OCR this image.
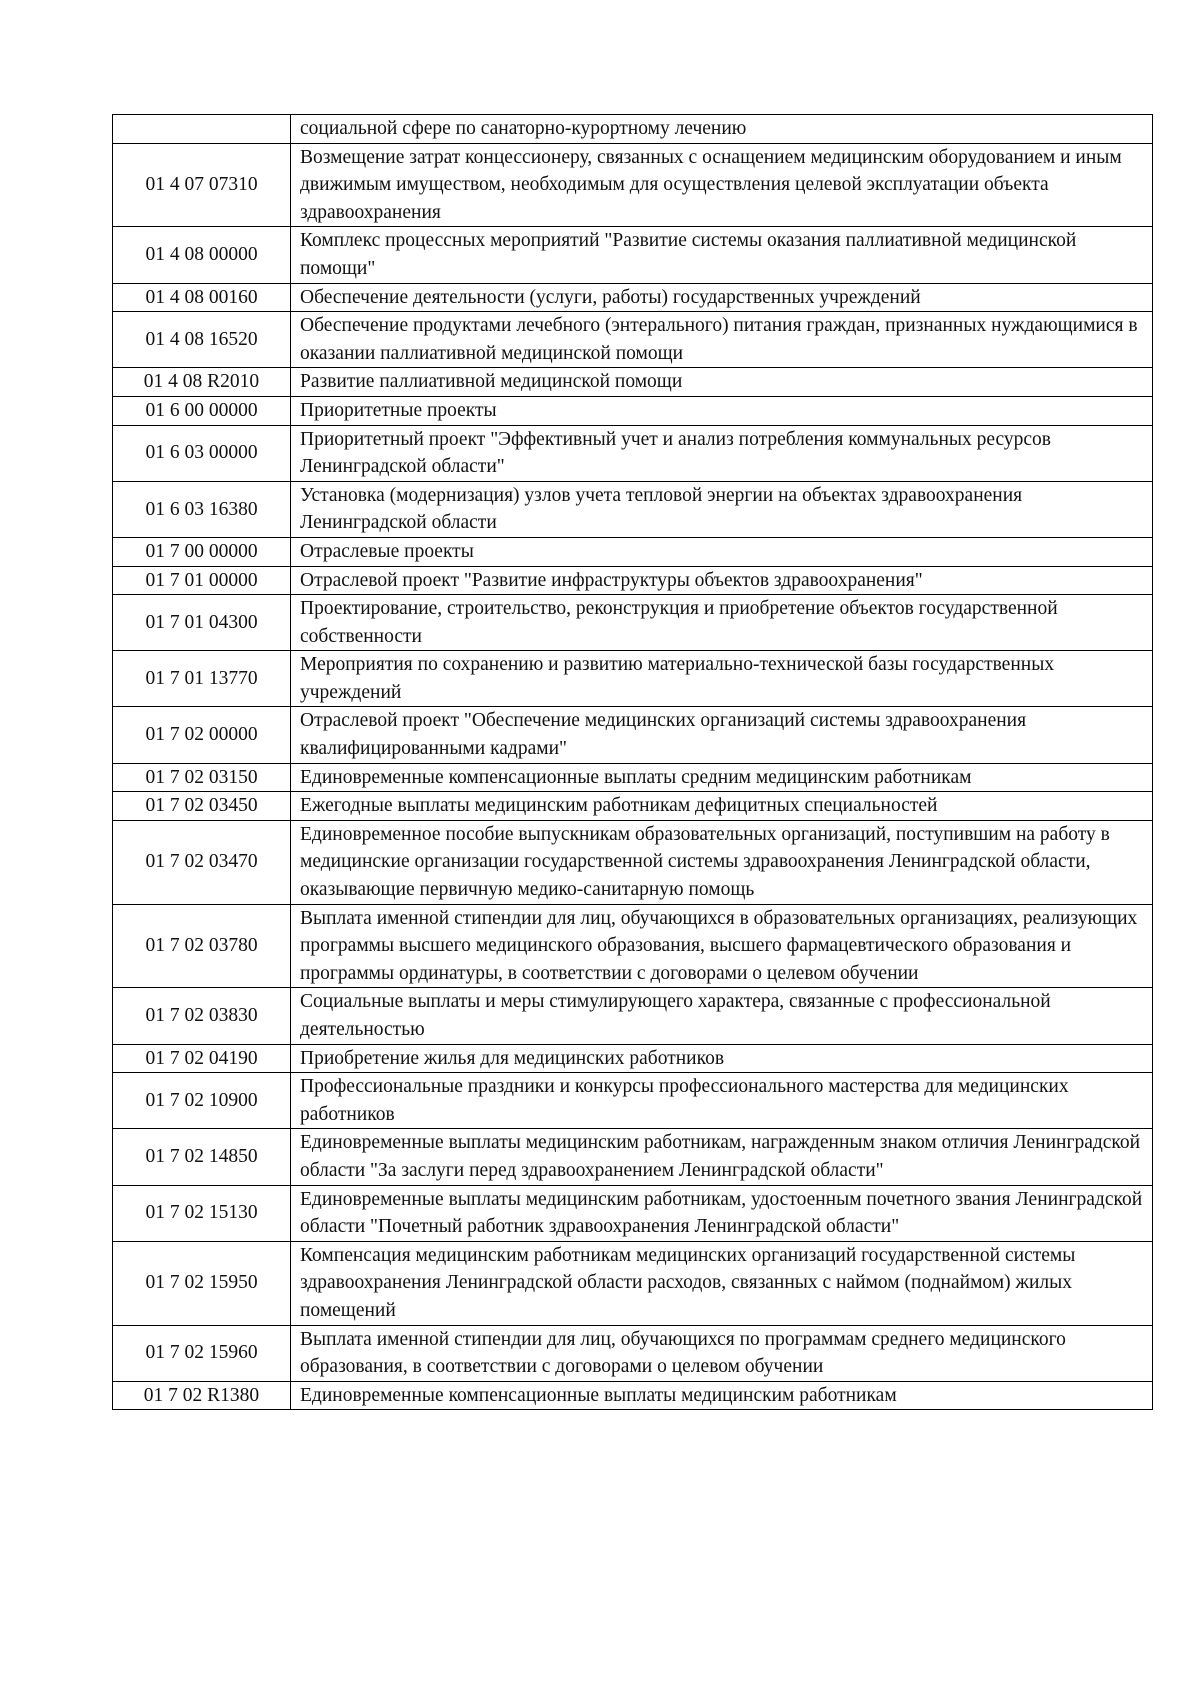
	социальной сфере по санаторно-курортному лечению
01 4 07 07310	Возмещение затрат концессионеру, связанных с оснащением медицинским оборудованием и иным движимым имуществом, необходимым для осуществления целевой эксплуатации объекта здравоохранения
01 4 08 00000	Комплекс процессных мероприятий "Развитие системы оказания паллиативной медицинской помощи"
01 4 08 00160	Обеспечение деятельности (услуги, работы) государственных учреждений
01 4 08 16520	Обеспечение продуктами лечебного (энтерального) питания граждан, признанных нуждающимися в оказании паллиативной медицинской помощи
01 4 08 R2010	Развитие паллиативной медицинской помощи
01 6 00 00000	Приоритетные проекты
01 6 03 00000	Приоритетный проект "Эффективный учет и анализ потребления коммунальных ресурсов Ленинградской области"
01 6 03 16380	Установка (модернизация) узлов учета тепловой энергии на объектах здравоохранения Ленинградской области
01 7 00 00000	Отраслевые проекты
01 7 01 00000	Отраслевой проект "Развитие инфраструктуры объектов здравоохранения"
01 7 01 04300	Проектирование, строительство, реконструкция и приобретение объектов государственной собственности
01 7 01 13770	Мероприятия по сохранению и развитию материально-технической базы государственных учреждений
01 7 02 00000	Отраслевой проект "Обеспечение медицинских организаций системы здравоохранения квалифицированными кадрами"
01 7 02 03150	Единовременные компенсационные выплаты средним медицинским работникам
01 7 02 03450	Ежегодные выплаты медицинским работникам дефицитных специальностей
01 7 02 03470	Единовременное пособие выпускникам образовательных организаций, поступившим на работу в медицинские организации государственной системы здравоохранения Ленинградской области, оказывающие первичную медико-санитарную помощь
01 7 02 03780	Выплата именной стипендии для лиц, обучающихся в образовательных организациях, реализующих программы высшего медицинского образования, высшего фармацевтического образования и программы ординатуры, в соответствии с договорами о целевом обучении
01 7 02 03830	Социальные выплаты и меры стимулирующего характера, связанные с профессиональной деятельностью
01 7 02 04190	Приобретение жилья для медицинских работников
01 7 02 10900	Профессиональные праздники и конкурсы профессионального мастерства для медицинских работников
01 7 02 14850	Единовременные выплаты медицинским работникам, награжденным знаком отличия Ленинградской области "За заслуги перед здравоохранением Ленинградской области"
01 7 02 15130	Единовременные выплаты медицинским работникам, удостоенным почетного звания Ленинградской области "Почетный работник здравоохранения Ленинградской области"
01 7 02 15950	Компенсация медицинским работникам медицинских организаций государственной системы здравоохранения Ленинградской области расходов, связанных с наймом (поднаймом) жилых помещений
01 7 02 15960	Выплата именной стипендии для лиц, обучающихся по программам среднего медицинского образования, в соответствии с договорами о целевом обучении
01 7 02 R1380	Единовременные компенсационные выплаты медицинским работникам
